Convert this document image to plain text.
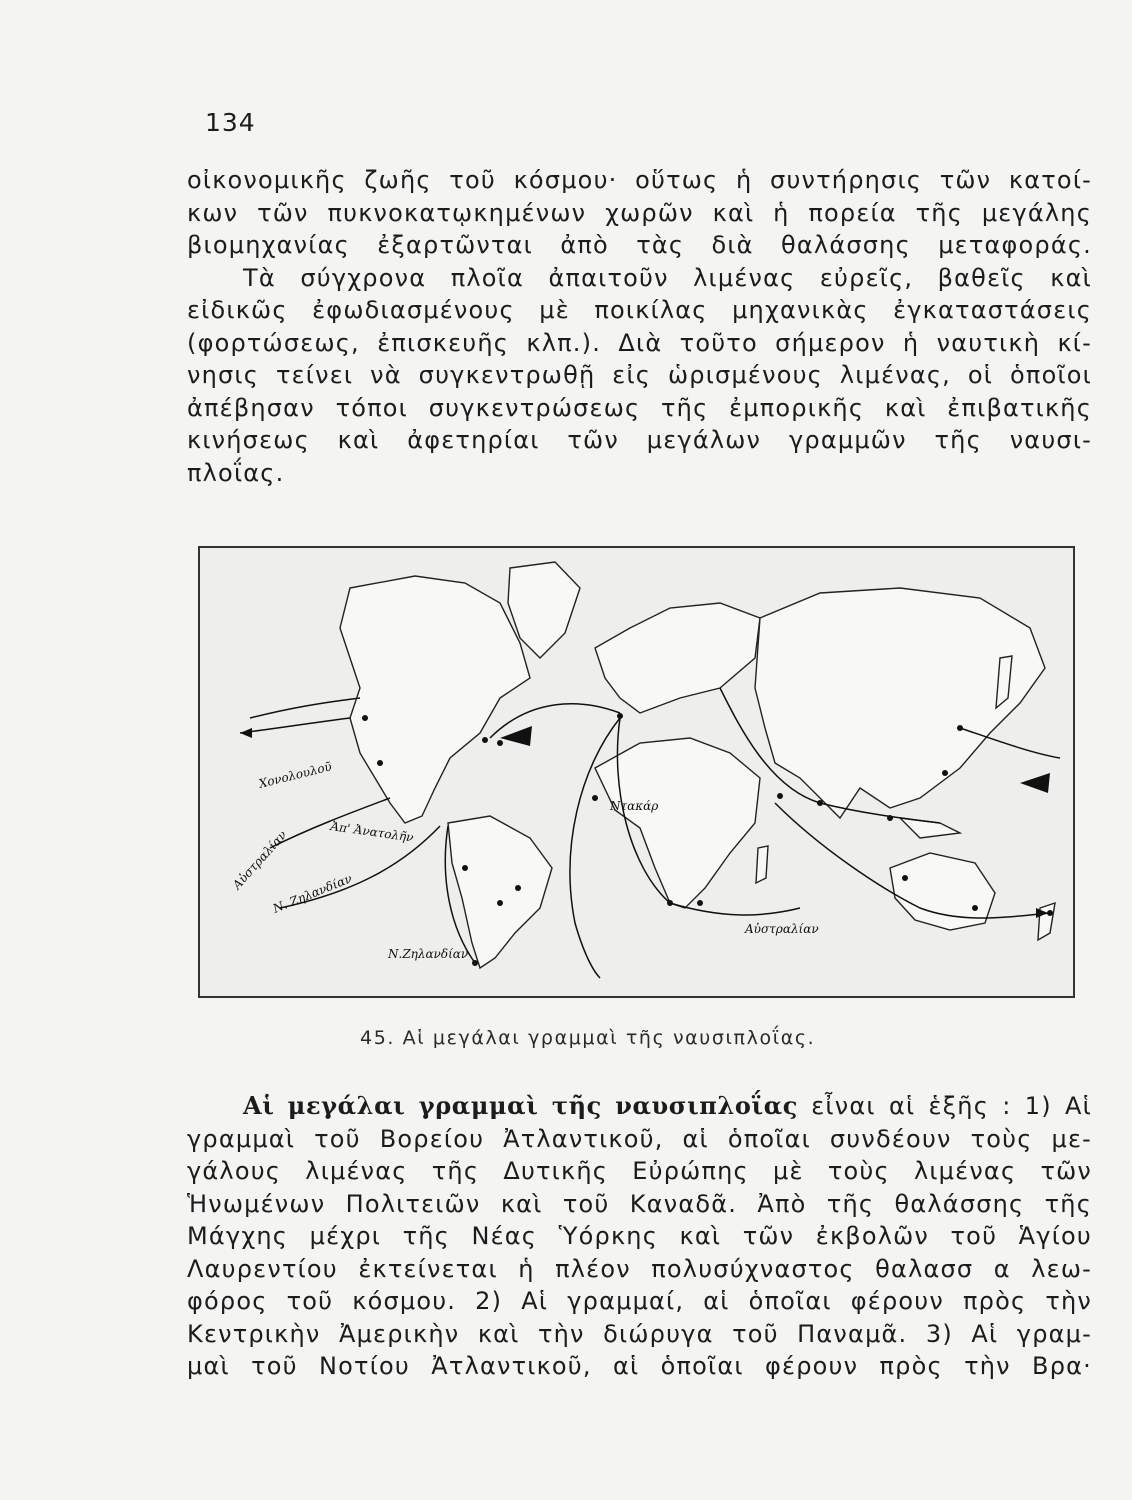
134
οἰκονομικῆς ζωῆς τοῦ κόσμου· οὕτως ἡ συντήρησις τῶν κατοί-
κων τῶν πυκνοκατῳκημένων χωρῶν καὶ ἡ πορεία τῆς μεγάλης
βιομηχανίας ἐξαρτῶνται ἀπὸ τὰς διὰ θαλάσσης μεταφοράς.
Τὰ σύγχρονα πλοῖα ἀπαιτοῦν λιμένας εὐρεῖς, βαθεῖς καὶ
εἰδικῶς ἐφωδιασμένους μὲ ποικίλας μηχανικὰς ἐγκαταστάσεις
(φορτώσεως, ἐπισκευῆς κλπ.). Διὰ τοῦτο σήμερον ἡ ναυτικὴ κί-
νησις τείνει νὰ συγκεντρωθῇ εἰς ὡρισμένους λιμένας, οἱ ὁποῖοι
ἀπέβησαν τόποι συγκεντρώσεως τῆς ἐμπορικῆς καὶ ἐπιβατικῆς
κινήσεως καὶ ἀφετηρίαι τῶν μεγάλων γραμμῶν τῆς ναυσι-
πλοΐας.
Χονολουλοῦ
Ἀπ' Ἀνατολῆν
Αὐστραλίαν
Ν. Ζηλανδίαν
Ν.Ζηλανδίαν
Ντακάρ
Αὐστραλίαν
45. Αἱ μεγάλαι γραμμαὶ τῆς ναυσιπλοΐας.
Αἱ μεγάλαι γραμμαὶ τῆς ναυσιπλοΐας εἶναι αἱ ἑξῆς : 1) Αἱ
γραμμαὶ τοῦ Βορείου Ἀτλαντικοῦ, αἱ ὁποῖαι συνδέουν τοὺς με-
γάλους λιμένας τῆς Δυτικῆς Εὐρώπης μὲ τοὺς λιμένας τῶν
Ἡνωμένων Πολιτειῶν καὶ τοῦ Καναδᾶ. Ἀπὸ τῆς θαλάσσης τῆς
Μάγχης μέχρι τῆς Νέας Ὑόρκης καὶ τῶν ἐκβολῶν τοῦ Ἁγίου
Λαυρεντίου ἐκτείνεται ἡ πλέον πολυσύχναστος θαλασσ α λεω-
φόρος τοῦ κόσμου. 2) Αἱ γραμμαί, αἱ ὁποῖαι φέρουν πρὸς τὴν
Κεντρικὴν Ἀμερικὴν καὶ τὴν διώρυγα τοῦ Παναμᾶ. 3) Αἱ γραμ-
μαὶ τοῦ Νοτίου Ἀτλαντικοῦ, αἱ ὁποῖαι φέρουν πρὸς τὴν Βρα·
